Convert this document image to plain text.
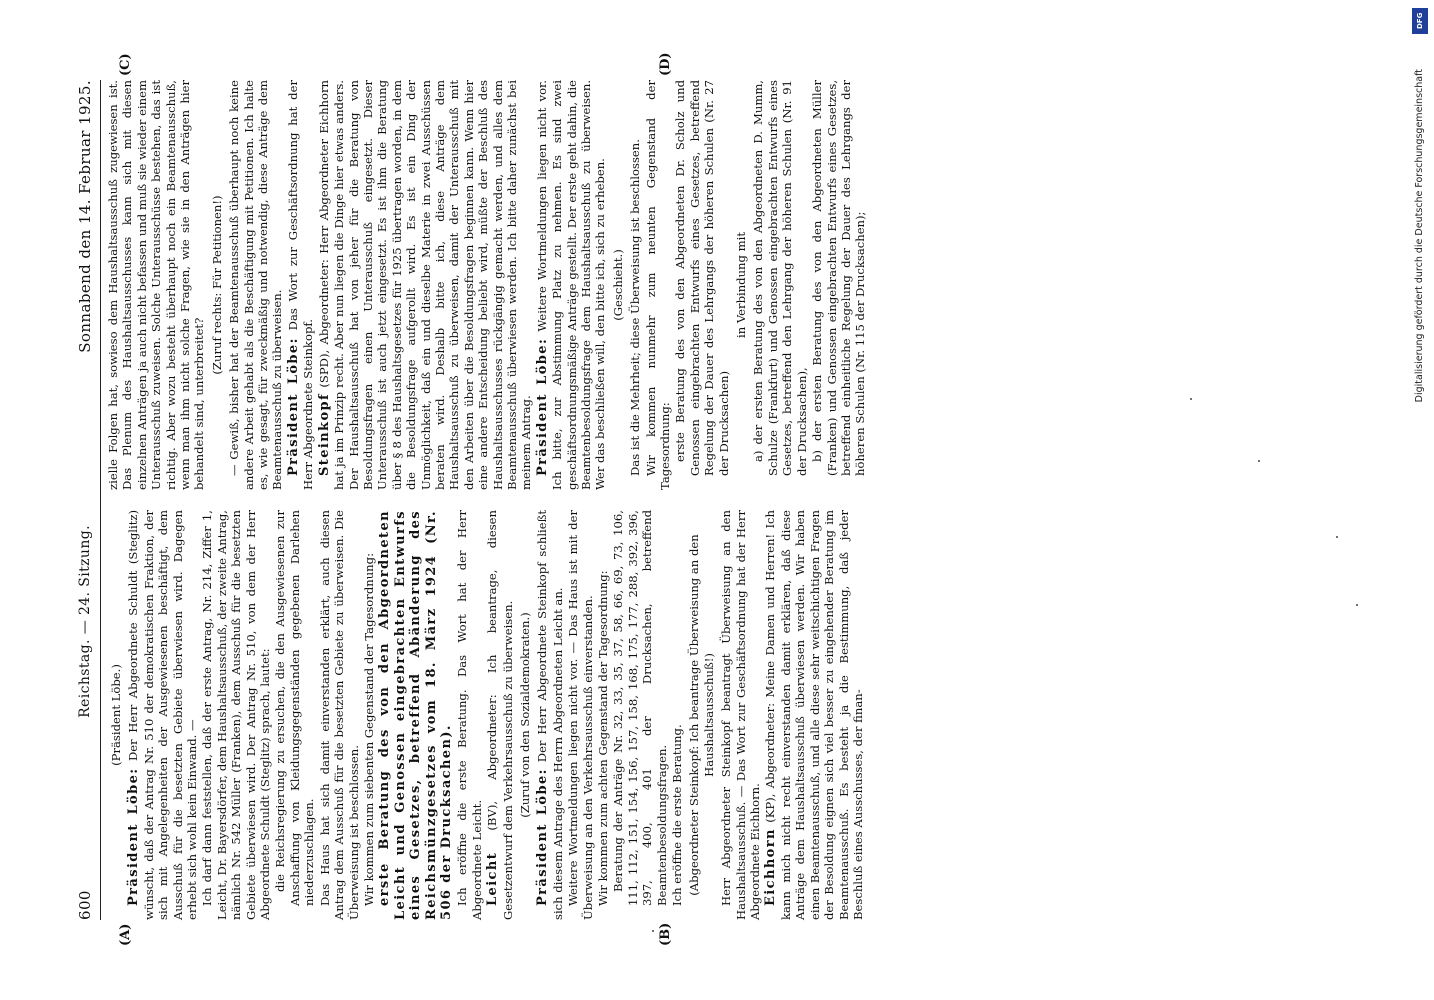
600
Reichstag. — 24. Sitzung.
Sonnabend den 14. Februar 1925.
(A)	(B)
(C)	(D)

(Präsident Löbe.)

Präsident Löbe: Der Herr Abgeordnete Schuldt (Steglitz) wünscht, daß der Antrag Nr. 510 der demokratischen Fraktion, der sich mit Angelegenheiten der Ausgewiesenen beschäftigt, dem Ausschuß für die besetzten Gebiete überwiesen wird. Dagegen erhebt sich wohl kein Einwand. — Ich darf dann feststellen, daß der erste Antrag, Nr. 214, Ziffer 1, Leicht, Dr. Bayersdörfer, dem Haushaltsausschuß, der zweite Antrag, nämlich Nr. 542 Müller (Franken), dem Ausschuß für die besetzten Gebiete überwiesen wird. Der Antrag Nr. 510, von dem der Herr Abgeordnete Schuldt (Steglitz) sprach, lautet: die Reichsregierung zu ersuchen, die den Ausgewiesenen zur Anschaffung von Kleidungsgegenständen gegebenen Darlehen niederzuschlagen. Das Haus hat sich damit einverstanden erklärt, auch diesen Antrag dem Ausschuß für die besetzten Gebiete zu überweisen. Die Überweisung ist beschlossen. Wir kommen zum siebenten Gegenstand der Tagesordnung: erste Beratung des von den Abgeordneten Leicht und Genossen eingebrachten Entwurfs eines Gesetzes, betreffend Abänderung des Reichsmünzgesetzes vom 18. März 1924 (Nr. 506 der Drucksachen). Ich eröffne die erste Beratung. Das Wort hat der Herr Abgeordnete Leicht. Leicht (BV), Abgeordneter: Ich beantrage, diesen Gesetzentwurf dem Verkehrsausschuß zu überweisen. (Zuruf von den Sozialdemokraten.)

Präsident Löbe: Der Herr Abgeordnete Steinkopf schließt sich diesem Antrage des Herrn Abgeordneten Leicht an. Weitere Wortmeldungen liegen nicht vor. — Das Haus ist mit der Überweisung an den Verkehrsausschuß einverstanden. Wir kommen zum achten Gegenstand der Tagesordnung: Beratung der Anträge Nr. 32, 33, 35, 37, 58, 66, 69, 73, 106, 111, 112, 151, 154, 156, 157, 158, 168, 175, 177, 288, 392, 396, 397, 400, 401 der Drucksachen, betreffend Beamtenbesoldungsfragen. Ich eröffne die erste Beratung. (Abgeordneter Steinkopf: Ich beantrage Überweisung an den Haushaltsausschuß!) Herr Abgeordneter Steinkopf beantragt Überweisung an den Haushaltsausschuß. — Das Wort zur Geschäftsordnung hat der Herr Abgeordnete Eichhorn. Eichhorn (KP), Abgeordneter: Meine Damen und Herren! Ich kann mich nicht recht einverstanden damit erklären, daß diese Anträge dem Haushaltsausschuß überwiesen werden. Wir haben einen Beamtenausschuß, und alle diese sehr weitschichtigen Fragen der Besoldung eignen sich viel besser zu eingehender Beratung im Beamtenausschuß. Es besteht ja die Bestimmung, daß jeder Beschluß eines Ausschusses, der finan-

zielle Folgen hat, sowieso dem Haushaltsausschuß zugewiesen ist. Das Plenum des Haushaltsausschusses kann sich mit diesen einzelnen Anträgen ja auch nicht befassen und muß sie wieder einem Unterausschuß zuweisen. Solche Unterausschüsse bestehen, das ist richtig. Aber wozu besteht überhaupt noch ein Beamtenausschuß, wenn man ihm nicht solche Fragen, wie sie in den Anträgen hier behandelt sind, unterbreitet?

(Zuruf rechts: Für Petitionen!) — Gewiß, bisher hat der Beamtenausschuß überhaupt noch keine andere Arbeit gehabt als die Beschäftigung mit Petitionen. Ich halte es, wie gesagt, für zweckmäßig und notwendig, diese Anträge dem Beamtenausschuß zu überweisen. Präsident Löbe: Das Wort zur Geschäftsordnung hat der Herr Abgeordnete Steinkopf. Steinkopf (SPD), Abgeordneter: Herr Abgeordneter Eichhorn hat ja im Prinzip recht. Aber nun liegen die Dinge hier etwas anders. Der Haushaltsausschuß hat von jeher für die Beratung von Besoldungsfragen einen Unterausschuß eingesetzt. Dieser Unterausschuß ist auch jetzt eingesetzt. Es ist ihm die Beratung über § 8 des Haushaltsgesetzes für 1925 übertragen worden, in dem die Besoldungsfrage aufgerollt wird. Es ist ein Ding der Unmöglichkeit, daß ein und dieselbe Materie in zwei Ausschüssen beraten wird. Deshalb bitte ich, diese Anträge dem Haushaltsausschuß zu überweisen, damit der Unterausschuß mit den Arbeiten über die Besoldungsfragen beginnen kann. Wenn hier eine andere Entscheidung beliebt wird, müßte der Beschluß des Haushaltsausschusses rückgängig gemacht werden, und alles dem Beamtenausschuß überwiesen werden. Ich bitte daher zunächst bei meinem Antrag. Präsident Löbe: Weitere Wortmeldungen liegen nicht vor. Ich bitte, zur Abstimmung Platz zu nehmen. Es sind zwei geschäftsordnungsmäßige Anträge gestellt. Der erste geht dahin, die Beamtenbesoldungsfrage dem Haushaltsausschuß zu überweisen. Wer das beschließen will, den bitte ich, sich zu erheben. (Geschieht.) Das ist die Mehrheit; diese Überweisung ist beschlossen. Wir kommen nunmehr zum neunten Gegenstand der Tagesordnung: erste Beratung des von den Abgeordneten Dr. Scholz und Genossen eingebrachten Entwurfs eines Gesetzes, betreffend Regelung der Dauer des Lehrgangs der höheren Schulen (Nr. 27 der Drucksachen)

in Verbindung mit a) der ersten Beratung des von den Abgeordneten D. Mumm, Schulze (Frankfurt) und Genossen eingebrachten Entwurfs eines Gesetzes, betreffend den Lehrgang der höheren Schulen (Nr. 91 der Drucksachen), b) der ersten Beratung des von den Abgeordneten Müller (Franken) und Genossen eingebrachten Entwurfs eines Gesetzes, betreffend einheitliche Regelung der Dauer des Lehrgangs der höheren Schulen (Nr. 115 der Drucksachen);

DFG
Digitalisierung gefördert durch die Deutsche Forschungsgemeinschaft
